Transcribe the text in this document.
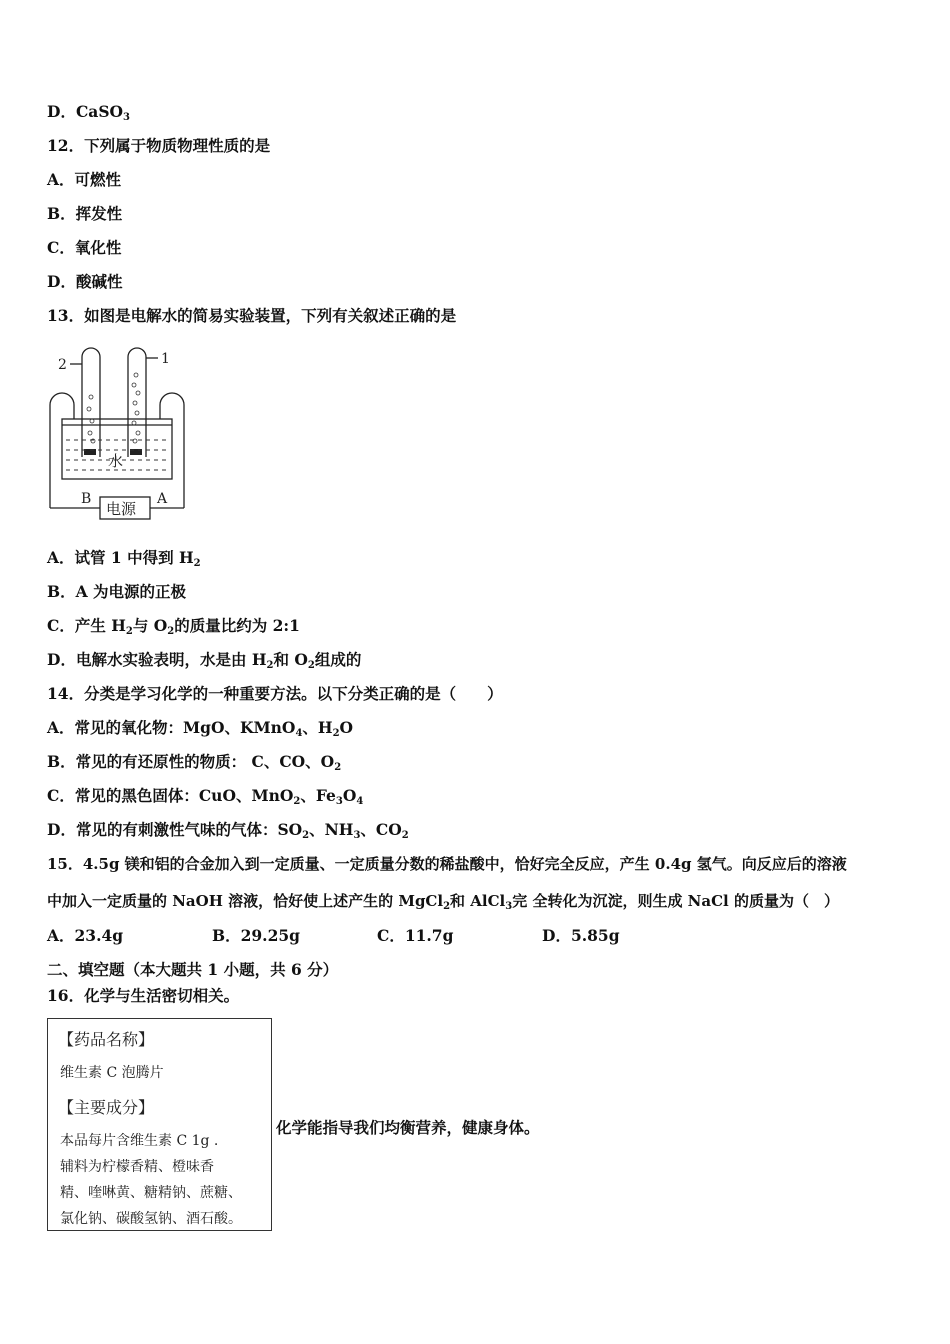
D．CaSO$_3$
12．下列属于物质物理性质的是
A．可燃性
B．挥发性
C．氧化性
D．酸碱性
13．如图是电解水的简易实验装置，下列有关叙述正确的是
2	1
水
B	A
电源
A．试管 1 中得到 $H_2$
B．A 为电源的正极
C．产生 $H_2$与 $O_2$的质量比约为 2:1
D．电解水实验表明，水是由 $H_2$和 $O_2$组成的
14．分类是学习化学的一种重要方法。以下分类正确的是（　　）
A．常见的氧化物：MgO、KMnO$_4$、$H_2O$
B．常见的有还原性的物质： C、CO、$O_2$
C．常见的黑色固体：CuO、MnO$_2$、$Fe_3O_4$
D．常见的有刺激性气味的气体：$SO_2$、$NH_3$、$CO_2$
15．4.5g 镁和铝的合金加入到一定质量、一定质量分数的稀盐酸中，恰好完全反应，产生 0.4g 氢气。向反应后的溶液
中加入一定质量的 NaOH 溶液，恰好使上述产生的 MgCl$_2$和 AlCl$_3$完 全转化为沉淀，则生成 NaCl 的质量为（　）
A．23.4g	B．29.25g	C．11.7g	D．5.85g
二、填空题（本大题共 1 小题，共 6 分）
16．化学与生活密切相关。
【药品名称】
维生素 C 泡腾片
【主要成分】
本品每片含维生素 C 1g .
辅料为柠檬香精、橙味香
精、喹啉黄、糖精钠、蔗糖、
氯化钠、碳酸氢钠、酒石酸。
化学能指导我们均衡营养，健康身体。
